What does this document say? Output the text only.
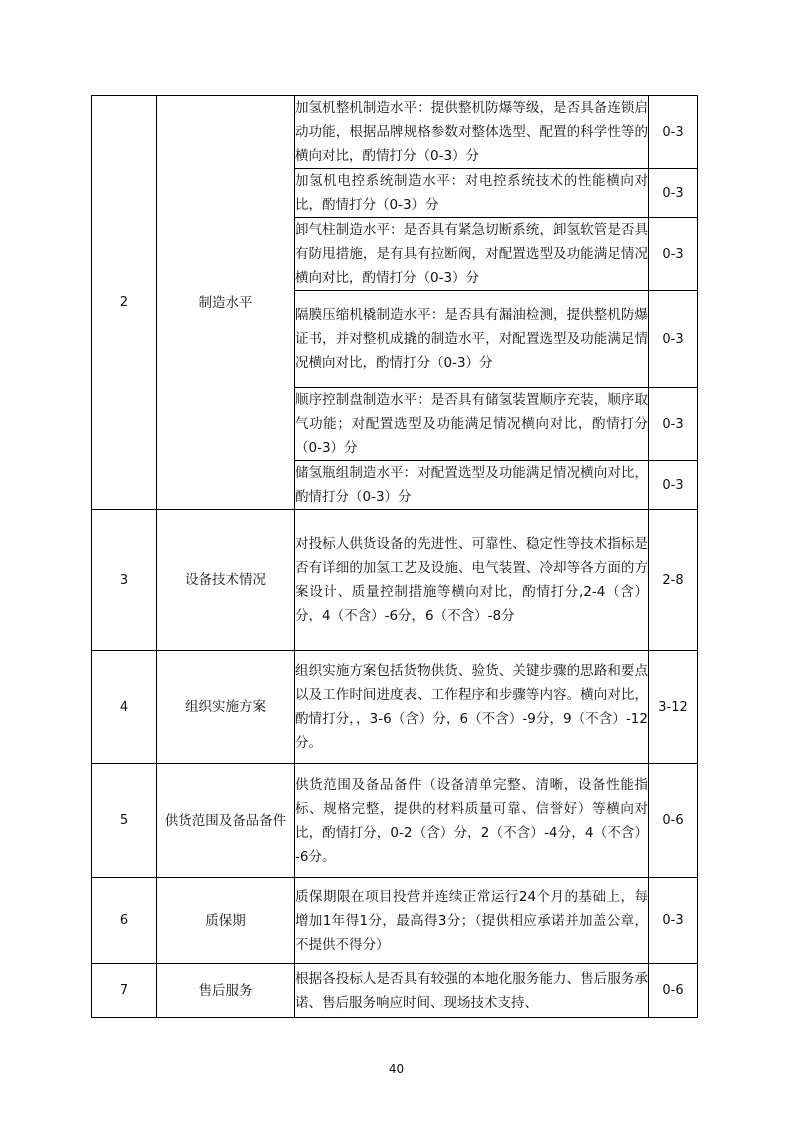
2	制造水平	加氢机整机制造水平：提供整机防爆等级，是否具备连锁启动功能，根据品牌规格参数对整体选型、配置的科学性等的横向对比，酌情打分（0-3）分	0-3
		加氢机电控系统制造水平：对电控系统技术的性能横向对比，酌情打分（0-3）分	0-3
		卸气柱制造水平：是否具有紧急切断系统，卸氢软管是否具有防甩措施，是有具有拉断阀，对配置选型及功能满足情况横向对比，酌情打分（0-3）分	0-3
		隔膜压缩机橇制造水平：是否具有漏油检测，提供整机防爆证书，并对整机成撬的制造水平，对配置选型及功能满足情况横向对比，酌情打分（0-3）分	0-3
		顺序控制盘制造水平：是否具有储氢装置顺序充装，顺序取气功能；对配置选型及功能满足情况横向对比，酌情打分（0-3）分	0-3
		储氢瓶组制造水平：对配置选型及功能满足情况横向对比，酌情打分（0-3）分	0-3
3	设备技术情况	对投标人供货设备的先进性、可靠性、稳定性等技术指标是否有详细的加氢工艺及设施、电气装置、冷却等各方面的方案设计、质量控制措施等横向对比，酌情打分,2-4（含）分，4（不含）-6分，6（不含）-8分	2-8
4	组织实施方案	组织实施方案包括货物供货、验货、关键步骤的思路和要点以及工作时间进度表、工作程序和步骤等内容。横向对比，酌情打分，，3-6（含）分，6（不含）-9分，9（不含）-12分。	3-12
5	供货范围及备品备件	供货范围及备品备件（设备清单完整、清晰，设备性能指标、规格完整，提供的材料质量可靠、信誉好）等横向对比，酌情打分，0-2（含）分，2（不含）-4分，4（不含）-6分。	0-6
6	质保期	质保期限在项目投营并连续正常运行24个月的基础上，每增加1年得1分，最高得3分；（提供相应承诺并加盖公章，不提供不得分）	0-3
7	售后服务	根据各投标人是否具有较强的本地化服务能力、售后服务承诺、售后服务响应时间、现场技术支持、	0-6
40
